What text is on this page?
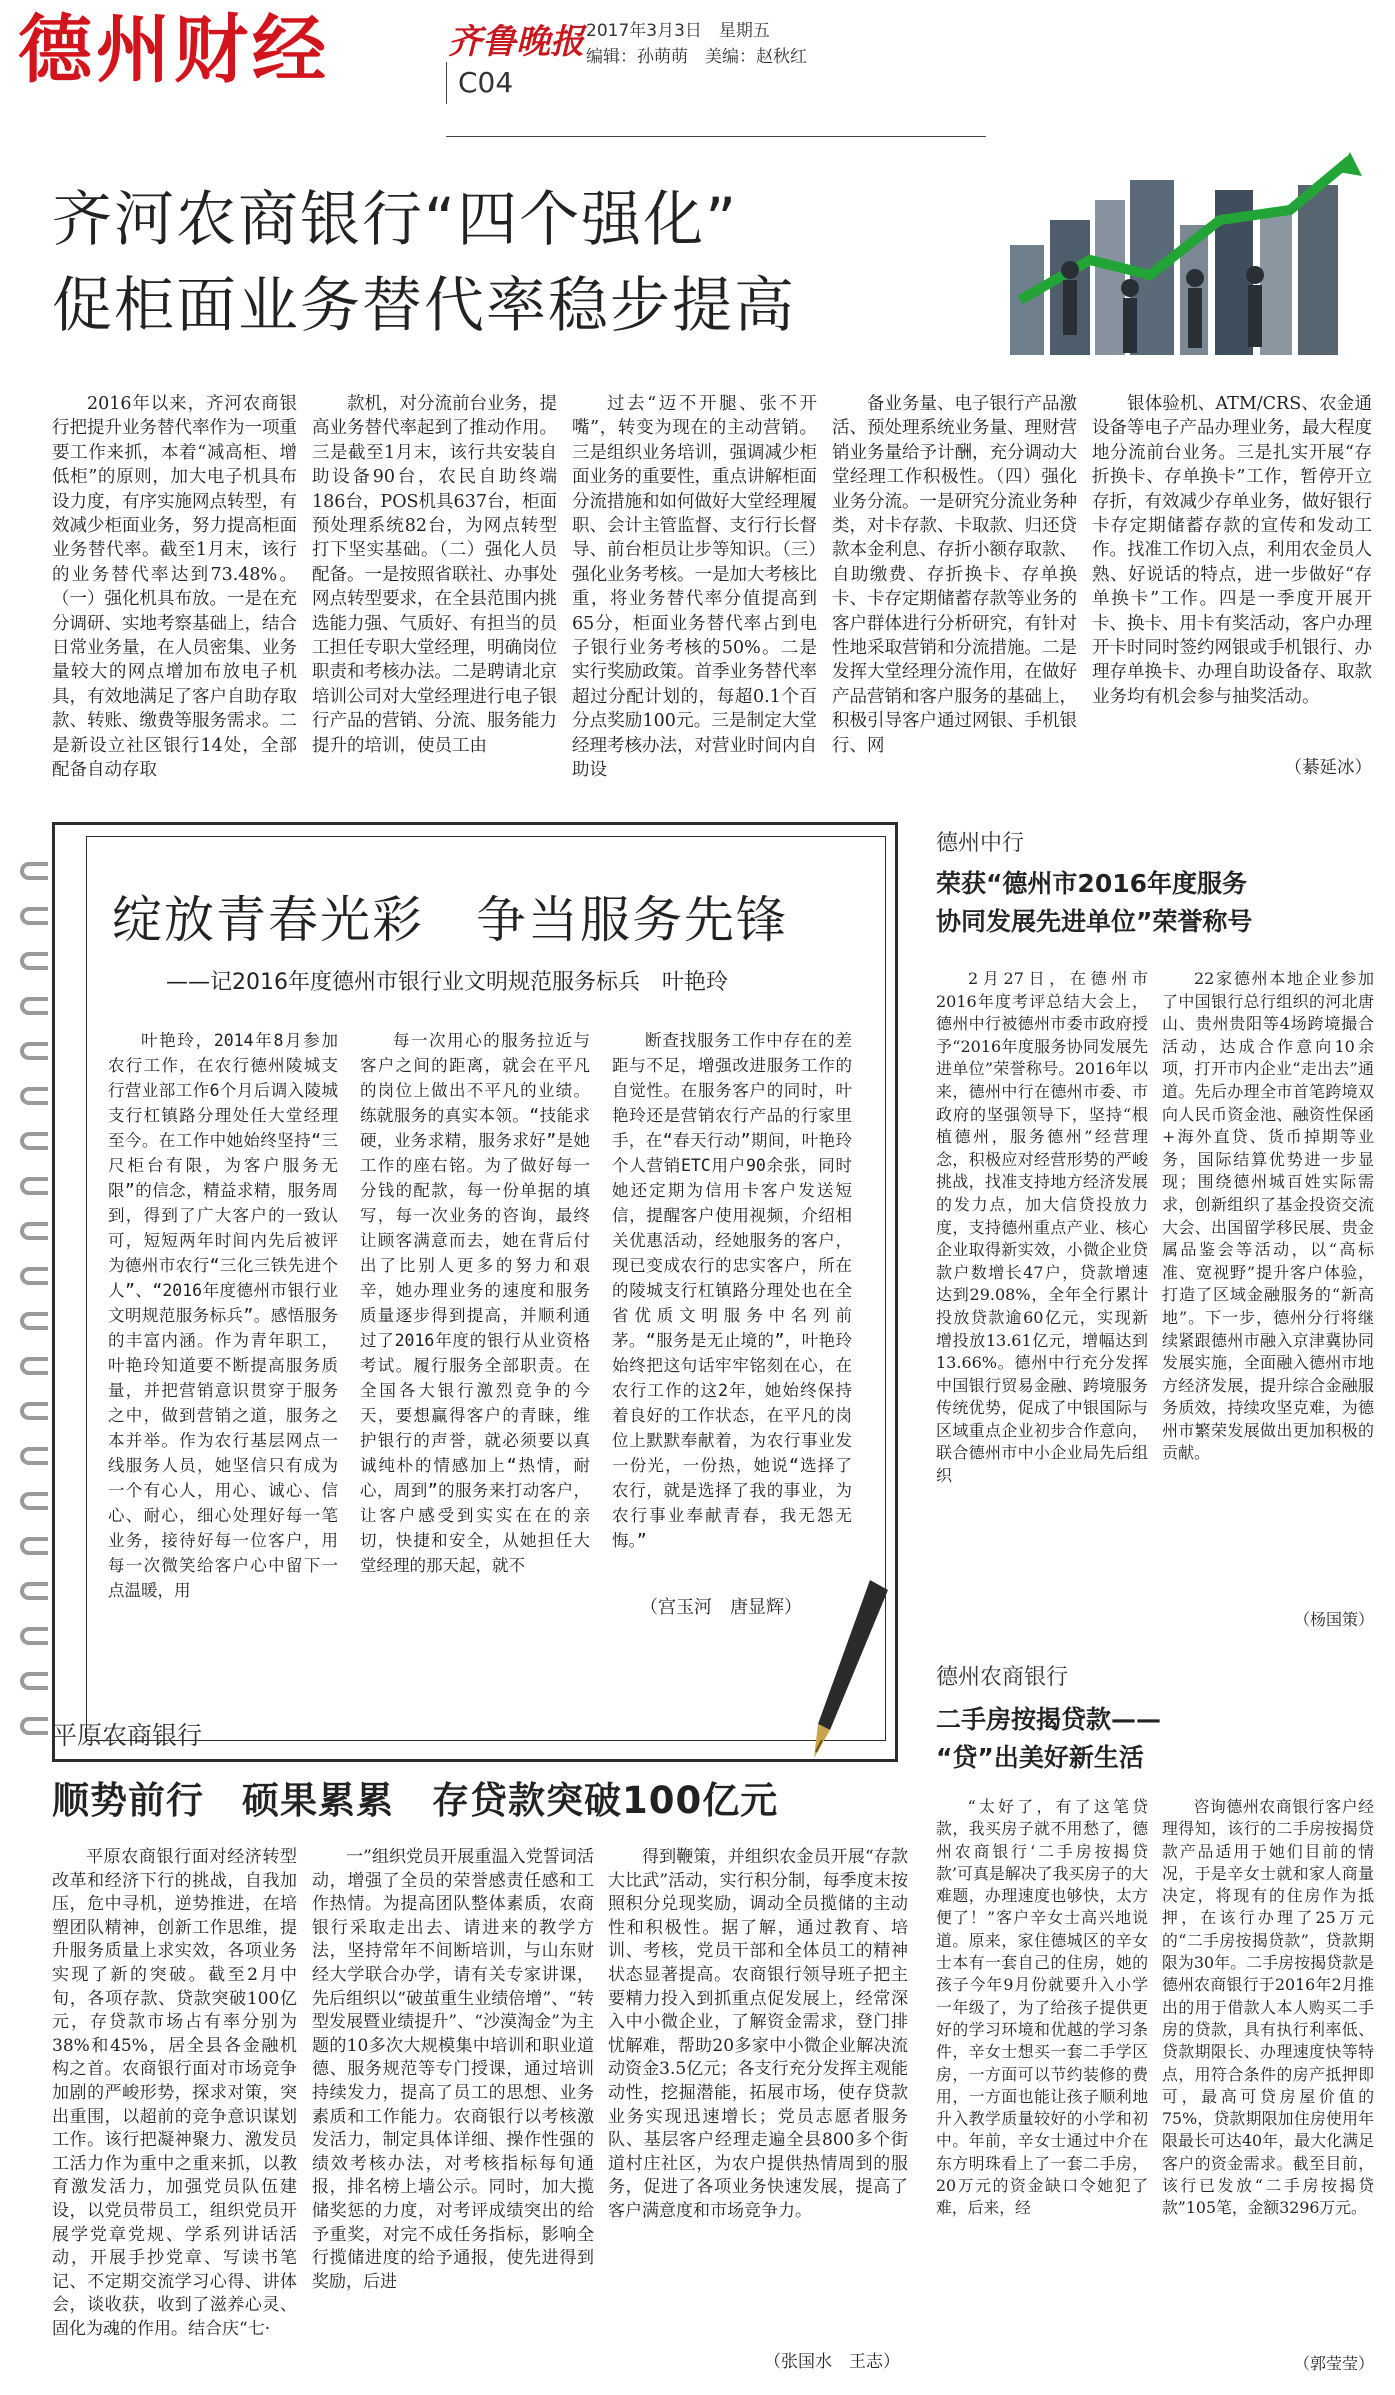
德州财经	齐鲁晚报 2017年3月3日　星期五
编辑：孙萌萌　美编：赵秋红
C04
齐河农商银行“四个强化”
促柜面业务替代率稳步提高

2016年以来，齐河农商银行把提升业务替代率作为一项重要工作来抓，本着“减高柜、增低柜”的原则，加大电子机具布设力度，有序实施网点转型，有效减少柜面业务，努力提高柜面业务替代率。截至1月末，该行的业务替代率达到73.48%。（一）强化机具布放。一是在充分调研、实地考察基础上，结合日常业务量，在人员密集、业务量较大的网点增加布放电子机具，有效地满足了客户自助存取款、转账、缴费等服务需求。二是新设立社区银行14处，全部配备自动存取

款机，对分流前台业务，提高业务替代率起到了推动作用。三是截至1月末，该行共安装自助设备90台，农民自助终端186台，POS机具637台，柜面预处理系统82台，为网点转型打下坚实基础。（二）强化人员配备。一是按照省联社、办事处网点转型要求，在全县范围内挑选能力强、气质好、有担当的员工担任专职大堂经理，明确岗位职责和考核办法。二是聘请北京培训公司对大堂经理进行电子银行产品的营销、分流、服务能力提升的培训，使员工由

过去“迈不开腿、张不开嘴”，转变为现在的主动营销。三是组织业务培训，强调减少柜面业务的重要性，重点讲解柜面分流措施和如何做好大堂经理履职、会计主管监督、支行行长督导、前台柜员让步等知识。（三）强化业务考核。一是加大考核比重，将业务替代率分值提高到65分，柜面业务替代率占到电子银行业务考核的50%。二是实行奖励政策。首季业务替代率超过分配计划的，每超0.1个百分点奖励100元。三是制定大堂经理考核办法，对营业时间内自助设

备业务量、电子银行产品激活、预处理系统业务量、理财营销业务量给予计酬，充分调动大堂经理工作积极性。（四）强化业务分流。一是研究分流业务种类，对卡存款、卡取款、归还贷款本金利息、存折小额存取款、自助缴费、存折换卡、存单换卡、卡存定期储蓄存款等业务的客户群体进行分析研究，有针对性地采取营销和分流措施。二是发挥大堂经理分流作用，在做好产品营销和客户服务的基础上，积极引导客户通过网银、手机银行、网

银体验机、ATM/CRS、农金通设备等电子产品办理业务，最大程度地分流前台业务。三是扎实开展“存折换卡、存单换卡”工作，暂停开立存折，有效减少存单业务，做好银行卡存定期储蓄存款的宣传和发动工作。找准工作切入点，利用农金员人熟、好说话的特点，进一步做好“存单换卡”工作。四是一季度开展开卡、换卡、用卡有奖活动，客户办理开卡时同时签约网银或手机银行、办理存单换卡、办理自助设备存、取款业务均有机会参与抽奖活动。

（綦延冰）
绽放青春光彩　争当服务先锋
——记2016年度德州市银行业文明规范服务标兵　叶艳玲

叶艳玲，2014年8月参加农行工作，在农行德州陵城支行营业部工作6个月后调入陵城支行杠镇路分理处任大堂经理至今。在工作中她始终坚持“三尺柜台有限，为客户服务无限”的信念，精益求精，服务周到，得到了广大客户的一致认可，短短两年时间内先后被评为德州市农行“三化三铁先进个人”、“2016年度德州市银行业文明规范服务标兵”。感悟服务的丰富内涵。作为青年职工，叶艳玲知道要不断提高服务质量，并把营销意识贯穿于服务之中，做到营销之道，服务之本并举。作为农行基层网点一线服务人员，她坚信只有成为一个有心人，用心、诚心、信心、耐心，细心处理好每一笔业务，接待好每一位客户，用每一次微笑给客户心中留下一点温暖，用

每一次用心的服务拉近与客户之间的距离，就会在平凡的岗位上做出不平凡的业绩。练就服务的真实本领。“技能求硬，业务求精，服务求好”是她工作的座右铭。为了做好每一分钱的配款，每一份单据的填写，每一次业务的咨询，最终让顾客满意而去，她在背后付出了比别人更多的努力和艰辛，她办理业务的速度和服务质量逐步得到提高，并顺利通过了2016年度的银行从业资格考试。履行服务全部职责。在全国各大银行激烈竞争的今天，要想赢得客户的青睐，维护银行的声誉，就必须要以真诚纯朴的情感加上“热情，耐心，周到”的服务来打动客户，让客户感受到实实在在的亲切，快捷和安全，从她担任大堂经理的那天起，就不

断查找服务工作中存在的差距与不足，增强改进服务工作的自觉性。在服务客户的同时，叶艳玲还是营销农行产品的行家里手，在“春天行动”期间，叶艳玲个人营销ETC用户90余张，同时她还定期为信用卡客户发送短信，提醒客户使用视频，介绍相关优惠活动，经她服务的客户，现已变成农行的忠实客户，所在的陵城支行杠镇路分理处也在全省优质文明服务中名列前茅。“服务是无止境的”，叶艳玲始终把这句话牢牢铭刻在心，在农行工作的这2年，她始终保持着良好的工作状态，在平凡的岗位上默默奉献着，为农行事业发一份光，一份热，她说“选择了农行，就是选择了我的事业，为农行事业奉献青春，我无怨无悔。”

（宫玉河　唐显辉）
德州中行
荣获“德州市2016年度服务
协同发展先进单位”荣誉称号

2月27日，在德州市2016年度考评总结大会上，德州中行被德州市委市政府授予“2016年度服务协同发展先进单位”荣誉称号。2016年以来，德州中行在德州市委、市政府的坚强领导下，坚持“根植德州，服务德州”经营理念，积极应对经营形势的严峻挑战，找准支持地方经济发展的发力点，加大信贷投放力度，支持德州重点产业、核心企业取得新实效，小微企业贷款户数增长47户，贷款增速达到29.08%，全年全行累计投放贷款逾60亿元，实现新增投放13.61亿元，增幅达到13.66%。德州中行充分发挥中国银行贸易金融、跨境服务传统优势，促成了中银国际与区域重点企业初步合作意向，联合德州市中小企业局先后组织

22家德州本地企业参加了中国银行总行组织的河北唐山、贵州贵阳等4场跨境撮合活动，达成合作意向10余项，打开市内企业“走出去”通道。先后办理全市首笔跨境双向人民币资金池、融资性保函+海外直贷、货币掉期等业务，国际结算优势进一步显现；围绕德州城百姓实际需求，创新组织了基金投资交流大会、出国留学移民展、贵金属品鉴会等活动，以“高标准、宽视野”提升客户体验，打造了区域金融服务的“新高地”。下一步，德州分行将继续紧跟德州市融入京津冀协同发展实施，全面融入德州市地方经济发展，提升综合金融服务质效，持续攻坚克难，为德州市繁荣发展做出更加积极的贡献。

（杨国策）
德州农商银行
二手房按揭贷款——
“贷”出美好新生活

“太好了，有了这笔贷款，我买房子就不用愁了，德州农商银行‘二手房按揭贷款’可真是解决了我买房子的大难题，办理速度也够快，太方便了！”客户辛女士高兴地说道。原来，家住德城区的辛女士本有一套自己的住房，她的孩子今年9月份就要升入小学一年级了，为了给孩子提供更好的学习环境和优越的学习条件，辛女士想买一套二手学区房，一方面可以节约装修的费用，一方面也能让孩子顺利地升入教学质量较好的小学和初中。年前，辛女士通过中介在东方明珠看上了一套二手房，20万元的资金缺口令她犯了难，后来，经

咨询德州农商银行客户经理得知，该行的二手房按揭贷款产品适用于她们目前的情况，于是辛女士就和家人商量决定，将现有的住房作为抵押，在该行办理了25万元的“二手房按揭贷款”，贷款期限为30年。二手房按揭贷款是德州农商银行于2016年2月推出的用于借款人本人购买二手房的贷款，具有执行利率低、贷款期限长、办理速度快等特点，用符合条件的房产抵押即可，最高可贷房屋价值的75%，贷款期限加住房使用年限最长可达40年，最大化满足客户的资金需求。截至目前，该行已发放“二手房按揭贷款”105笔，金额3296万元。

（郭莹莹）
平原农商银行
顺势前行　硕果累累　存贷款突破100亿元

平原农商银行面对经济转型改革和经济下行的挑战，自我加压，危中寻机，逆势推进，在培塑团队精神，创新工作思维，提升服务质量上求实效，各项业务实现了新的突破。截至2月中旬，各项存款、贷款突破100亿元，存贷款市场占有率分别为38%和45%，居全县各金融机构之首。农商银行面对市场竞争加剧的严峻形势，探求对策，突出重围，以超前的竞争意识谋划工作。该行把凝神聚力、激发员工活力作为重中之重来抓，以教育激发活力，加强党员队伍建设，以党员带员工，组织党员开展学党章党规、学系列讲话活动，开展手抄党章、写读书笔记、不定期交流学习心得、讲体会，谈收获，收到了滋养心灵、固化为魂的作用。结合庆“七·

一”组织党员开展重温入党誓词活动，增强了全员的荣誉感责任感和工作热情。为提高团队整体素质，农商银行采取走出去、请进来的教学方法，坚持常年不间断培训，与山东财经大学联合办学，请有关专家讲课，先后组织以“破茧重生业绩倍增”、“转型发展暨业绩提升”、“沙漠淘金”为主题的10多次大规模集中培训和职业道德、服务规范等专门授课，通过培训持续发力，提高了员工的思想、业务素质和工作能力。农商银行以考核激发活力，制定具体详细、操作性强的绩效考核办法，对考核指标每旬通报，排名榜上墙公示。同时，加大揽储奖惩的力度，对考评成绩突出的给予重奖，对完不成任务指标，影响全行揽储进度的给予通报，使先进得到奖励，后进

得到鞭策，并组织农金员开展“存款大比武”活动，实行积分制，每季度末按照积分兑现奖励，调动全员揽储的主动性和积极性。据了解，通过教育、培训、考核，党员干部和全体员工的精神状态显著提高。农商银行领导班子把主要精力投入到抓重点促发展上，经常深入中小微企业，了解资金需求，登门排忧解难，帮助20多家中小微企业解决流动资金3.5亿元；各支行充分发挥主观能动性，挖掘潜能，拓展市场，使存贷款业务实现迅速增长；党员志愿者服务队、基层客户经理走遍全县800多个街道村庄社区，为农户提供热情周到的服务，促进了各项业务快速发展，提高了客户满意度和市场竞争力。

（张国水　王志）
